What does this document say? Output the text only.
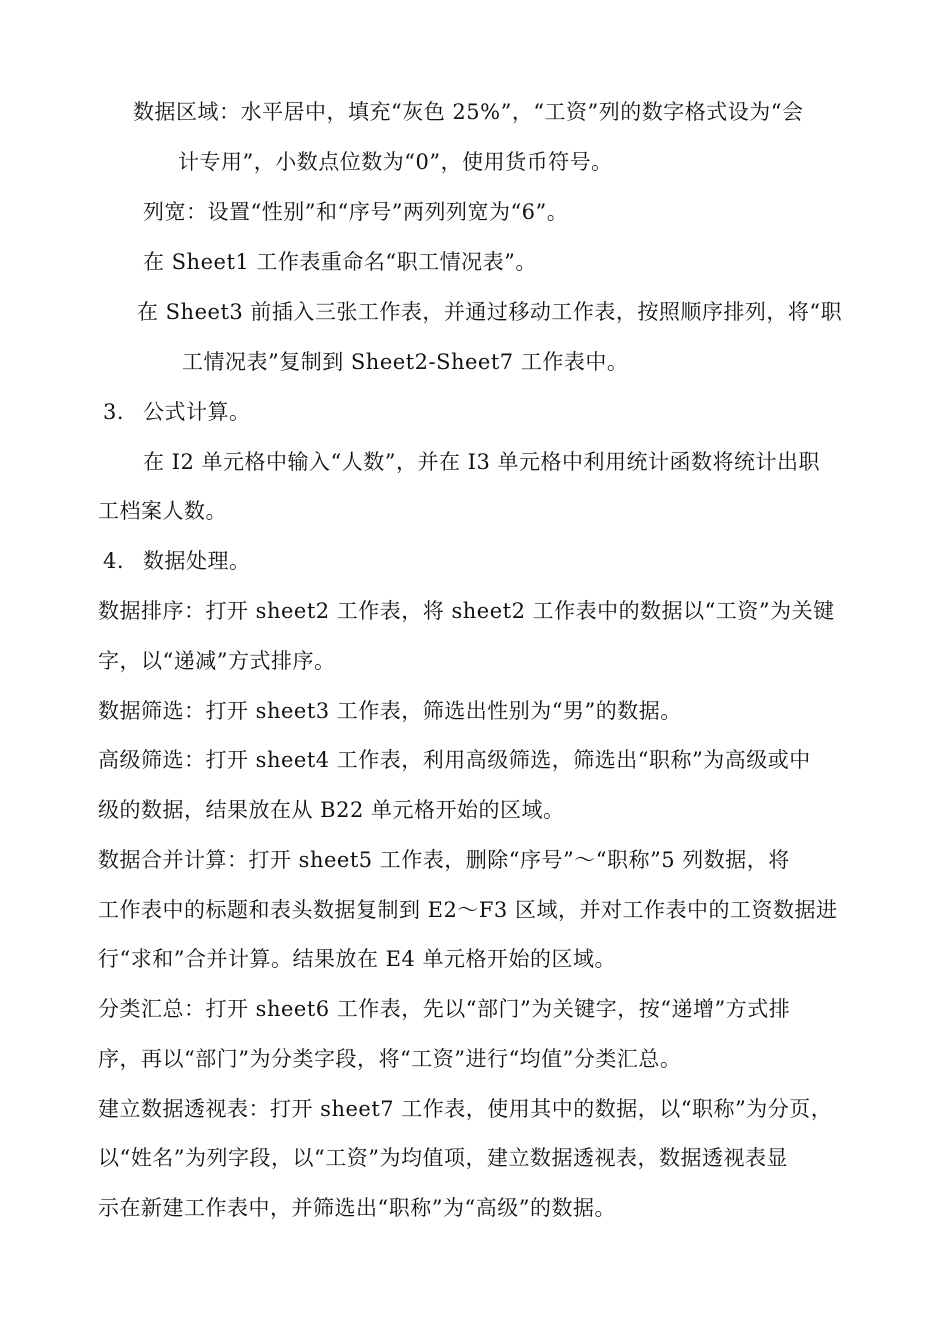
数据区域：水平居中，填充“灰色 25%”，“工资”列的数字格式设为“会
计专用”，小数点位数为“0”，使用货币符号。
列宽：设置“性别”和“序号”两列列宽为“6”。
在 Sheet1 工作表重命名“职工情况表”。
在 Sheet3 前插入三张工作表，并通过移动工作表，按照顺序排列，将“职
工情况表”复制到 Sheet2-Sheet7 工作表中。
3. 公式计算。
在 I2 单元格中输入“人数”，并在 I3 单元格中利用统计函数将统计出职
工档案人数。
4. 数据处理。
数据排序：打开 sheet2 工作表，将 sheet2 工作表中的数据以“工资”为关键
字，以“递减”方式排序。
数据筛选：打开 sheet3 工作表，筛选出性别为“男”的数据。
高级筛选：打开 sheet4 工作表，利用高级筛选，筛选出“职称”为高级或中
级的数据，结果放在从 B22 单元格开始的区域。
数据合并计算：打开 sheet5 工作表，删除“序号”～“职称”5 列数据，将
工作表中的标题和表头数据复制到 E2～F3 区域，并对工作表中的工资数据进
行“求和”合并计算。结果放在 E4 单元格开始的区域。
分类汇总：打开 sheet6 工作表，先以“部门”为关键字，按“递增”方式排
序，再以“部门”为分类字段，将“工资”进行“均值”分类汇总。
建立数据透视表：打开 sheet7 工作表，使用其中的数据，以“职称”为分页，
以“姓名”为列字段，以“工资”为均值项，建立数据透视表，数据透视表显
示在新建工作表中，并筛选出“职称”为“高级”的数据。
